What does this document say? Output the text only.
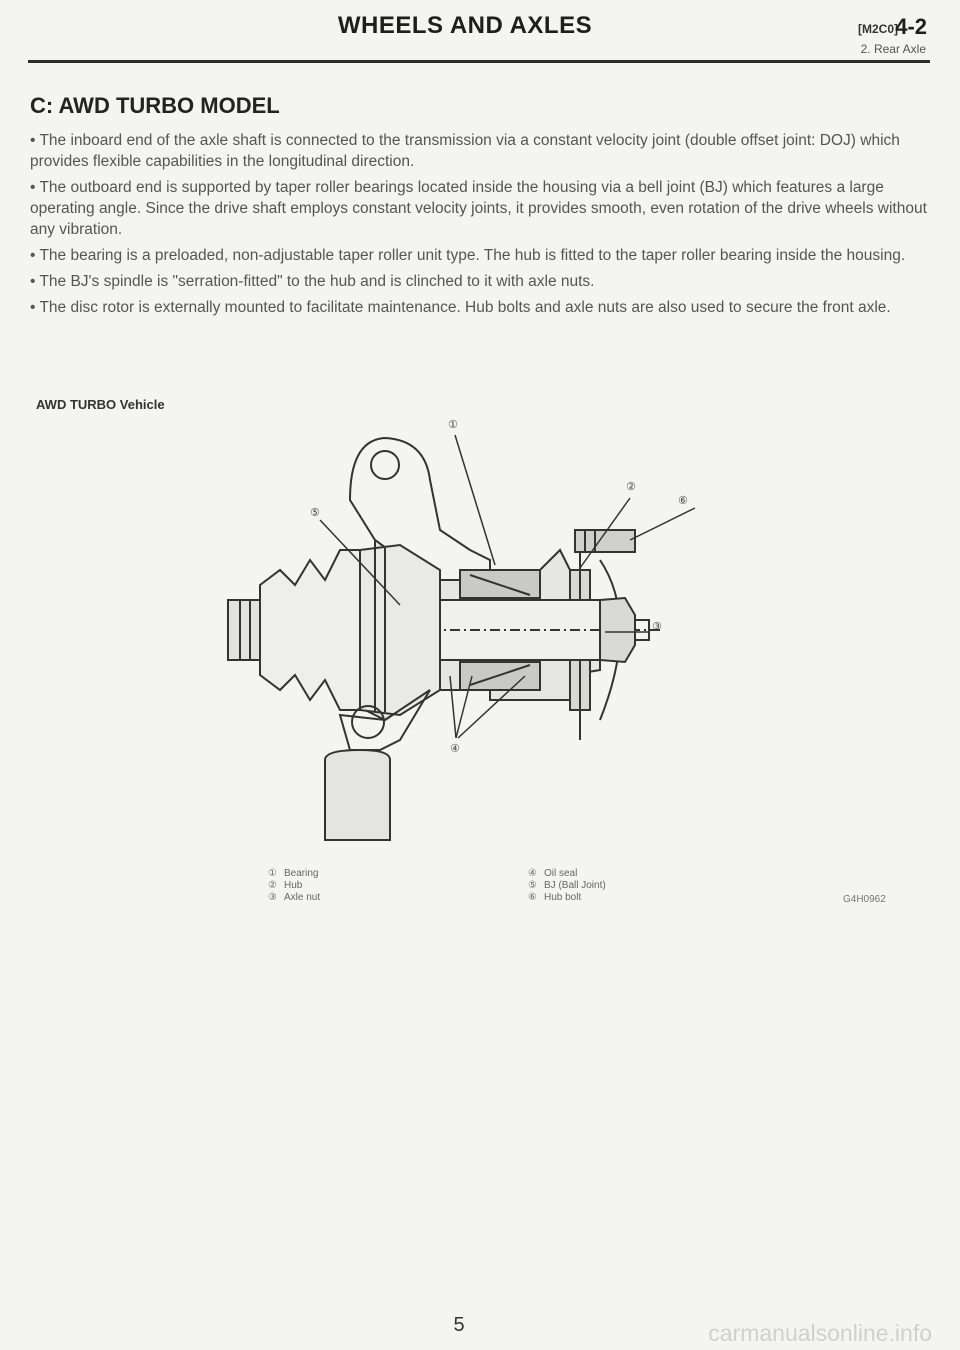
WHEELS AND AXLES	[M2C0]
4-2
2. Rear Axle
C: AWD TURBO MODEL

• The inboard end of the axle shaft is connected to the transmission via a constant velocity joint (double offset joint: DOJ) which provides flexible capabilities in the longitudinal direction.

• The outboard end is supported by taper roller bearings located inside the housing via a bell joint (BJ) which features a large operating angle. Since the drive shaft employs constant velocity joints, it provides smooth, even rotation of the drive wheels without any vibration.

• The bearing is a preloaded, non-adjustable taper roller unit type. The hub is fitted to the taper roller bearing inside the housing.

• The BJ's spindle is "serration-fitted" to the hub and is clinched to it with axle nuts.

• The disc rotor is externally mounted to facilitate maintenance. Hub bolts and axle nuts are also used to secure the front axle.

AWD TURBO Vehicle
①
②
⑥
⑤
③
④
① Bearing
② Hub
③ Axle nut
④ Oil seal
⑤ BJ (Ball Joint)
⑥ Hub bolt	G4H0962
5	carmanualsonline.info
